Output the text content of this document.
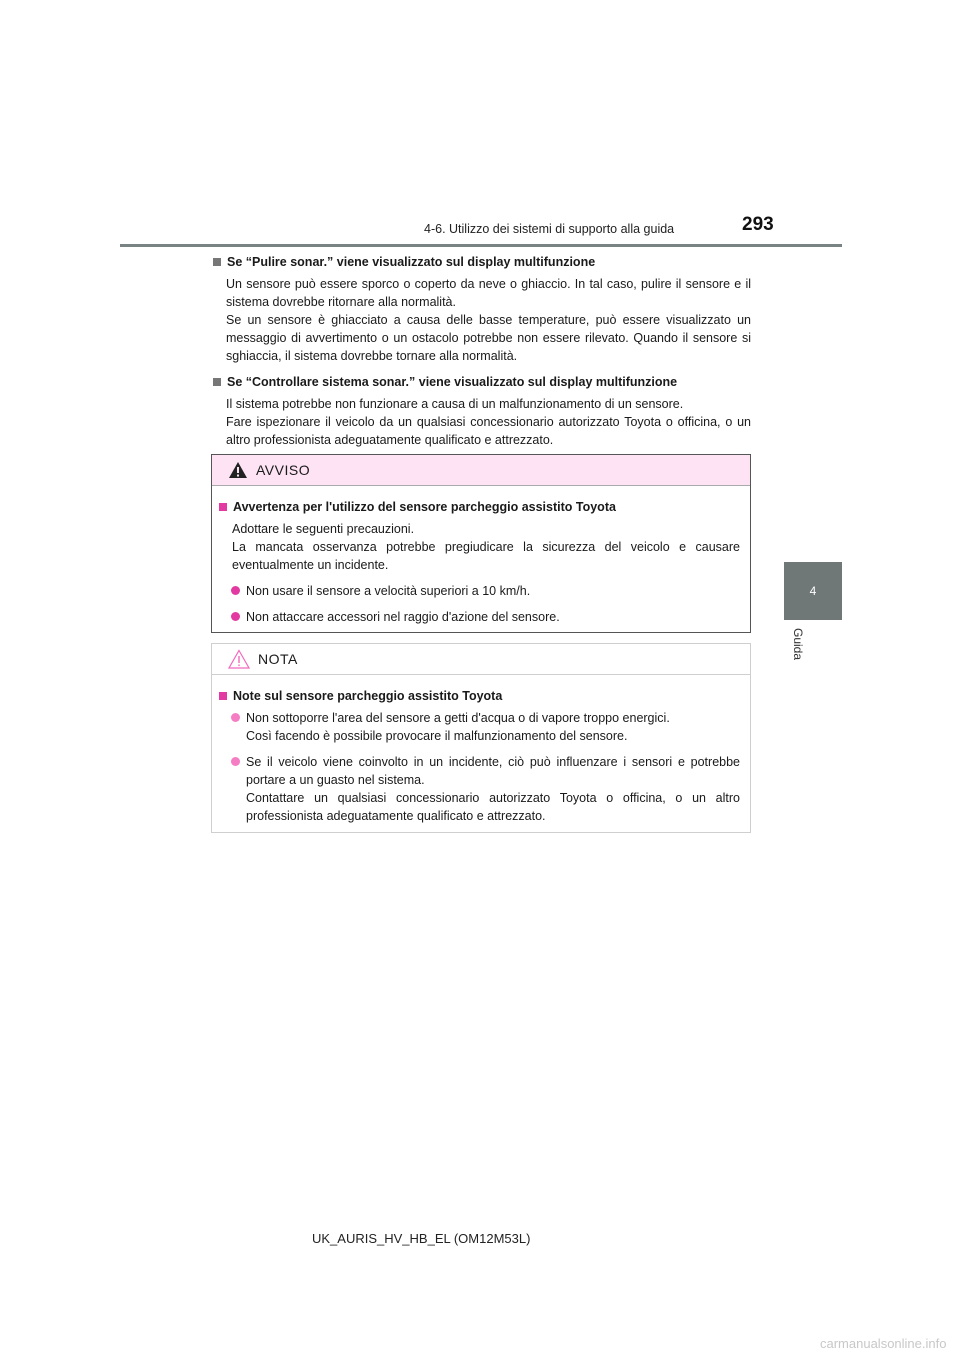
4-6. Utilizzo dei sistemi di supporto alla guida	293
4
Guida
Se “Pulire sonar.” viene visualizzato sul display multifunzione

Un sensore può essere sporco o coperto da neve o ghiaccio. In tal caso, pulire il sensore e il sistema dovrebbe ritornare alla normalità.

Se un sensore è ghiacciato a causa delle basse temperature, può essere visualizzato un messaggio di avvertimento o un ostacolo potrebbe non essere rilevato. Quando il sensore si sghiaccia, il sistema dovrebbe tornare alla normalità.

Se “Controllare sistema sonar.” viene visualizzato sul display multifunzione

Il sistema potrebbe non funzionare a causa di un malfunzionamento di un sensore.

Fare ispezionare il veicolo da un qualsiasi concessionario autorizzato Toyota o officina, o un altro professionista adeguatamente qualificato e attrezzato.

AVVISO
Avvertenza per l'utilizzo del sensore parcheggio assistito Toyota

Adottare le seguenti precauzioni.

La mancata osservanza potrebbe pregiudicare la sicurezza del veicolo e causare eventualmente un incidente.

Non usare il sensore a velocità superiori a 10 km/h.

Non attaccare accessori nel raggio d'azione del sensore.

NOTA
Note sul sensore parcheggio assistito Toyota

Non sottoporre l'area del sensore a getti d'acqua o di vapore troppo energici.

Così facendo è possibile provocare il malfunzionamento del sensore.

Se il veicolo viene coinvolto in un incidente, ciò può influenzare i sensori e potrebbe portare a un guasto nel sistema.

Contattare un qualsiasi concessionario autorizzato Toyota o officina, o un altro professionista adeguatamente qualificato e attrezzato.

UK_AURIS_HV_HB_EL (OM12M53L)
carmanualsonline.info
